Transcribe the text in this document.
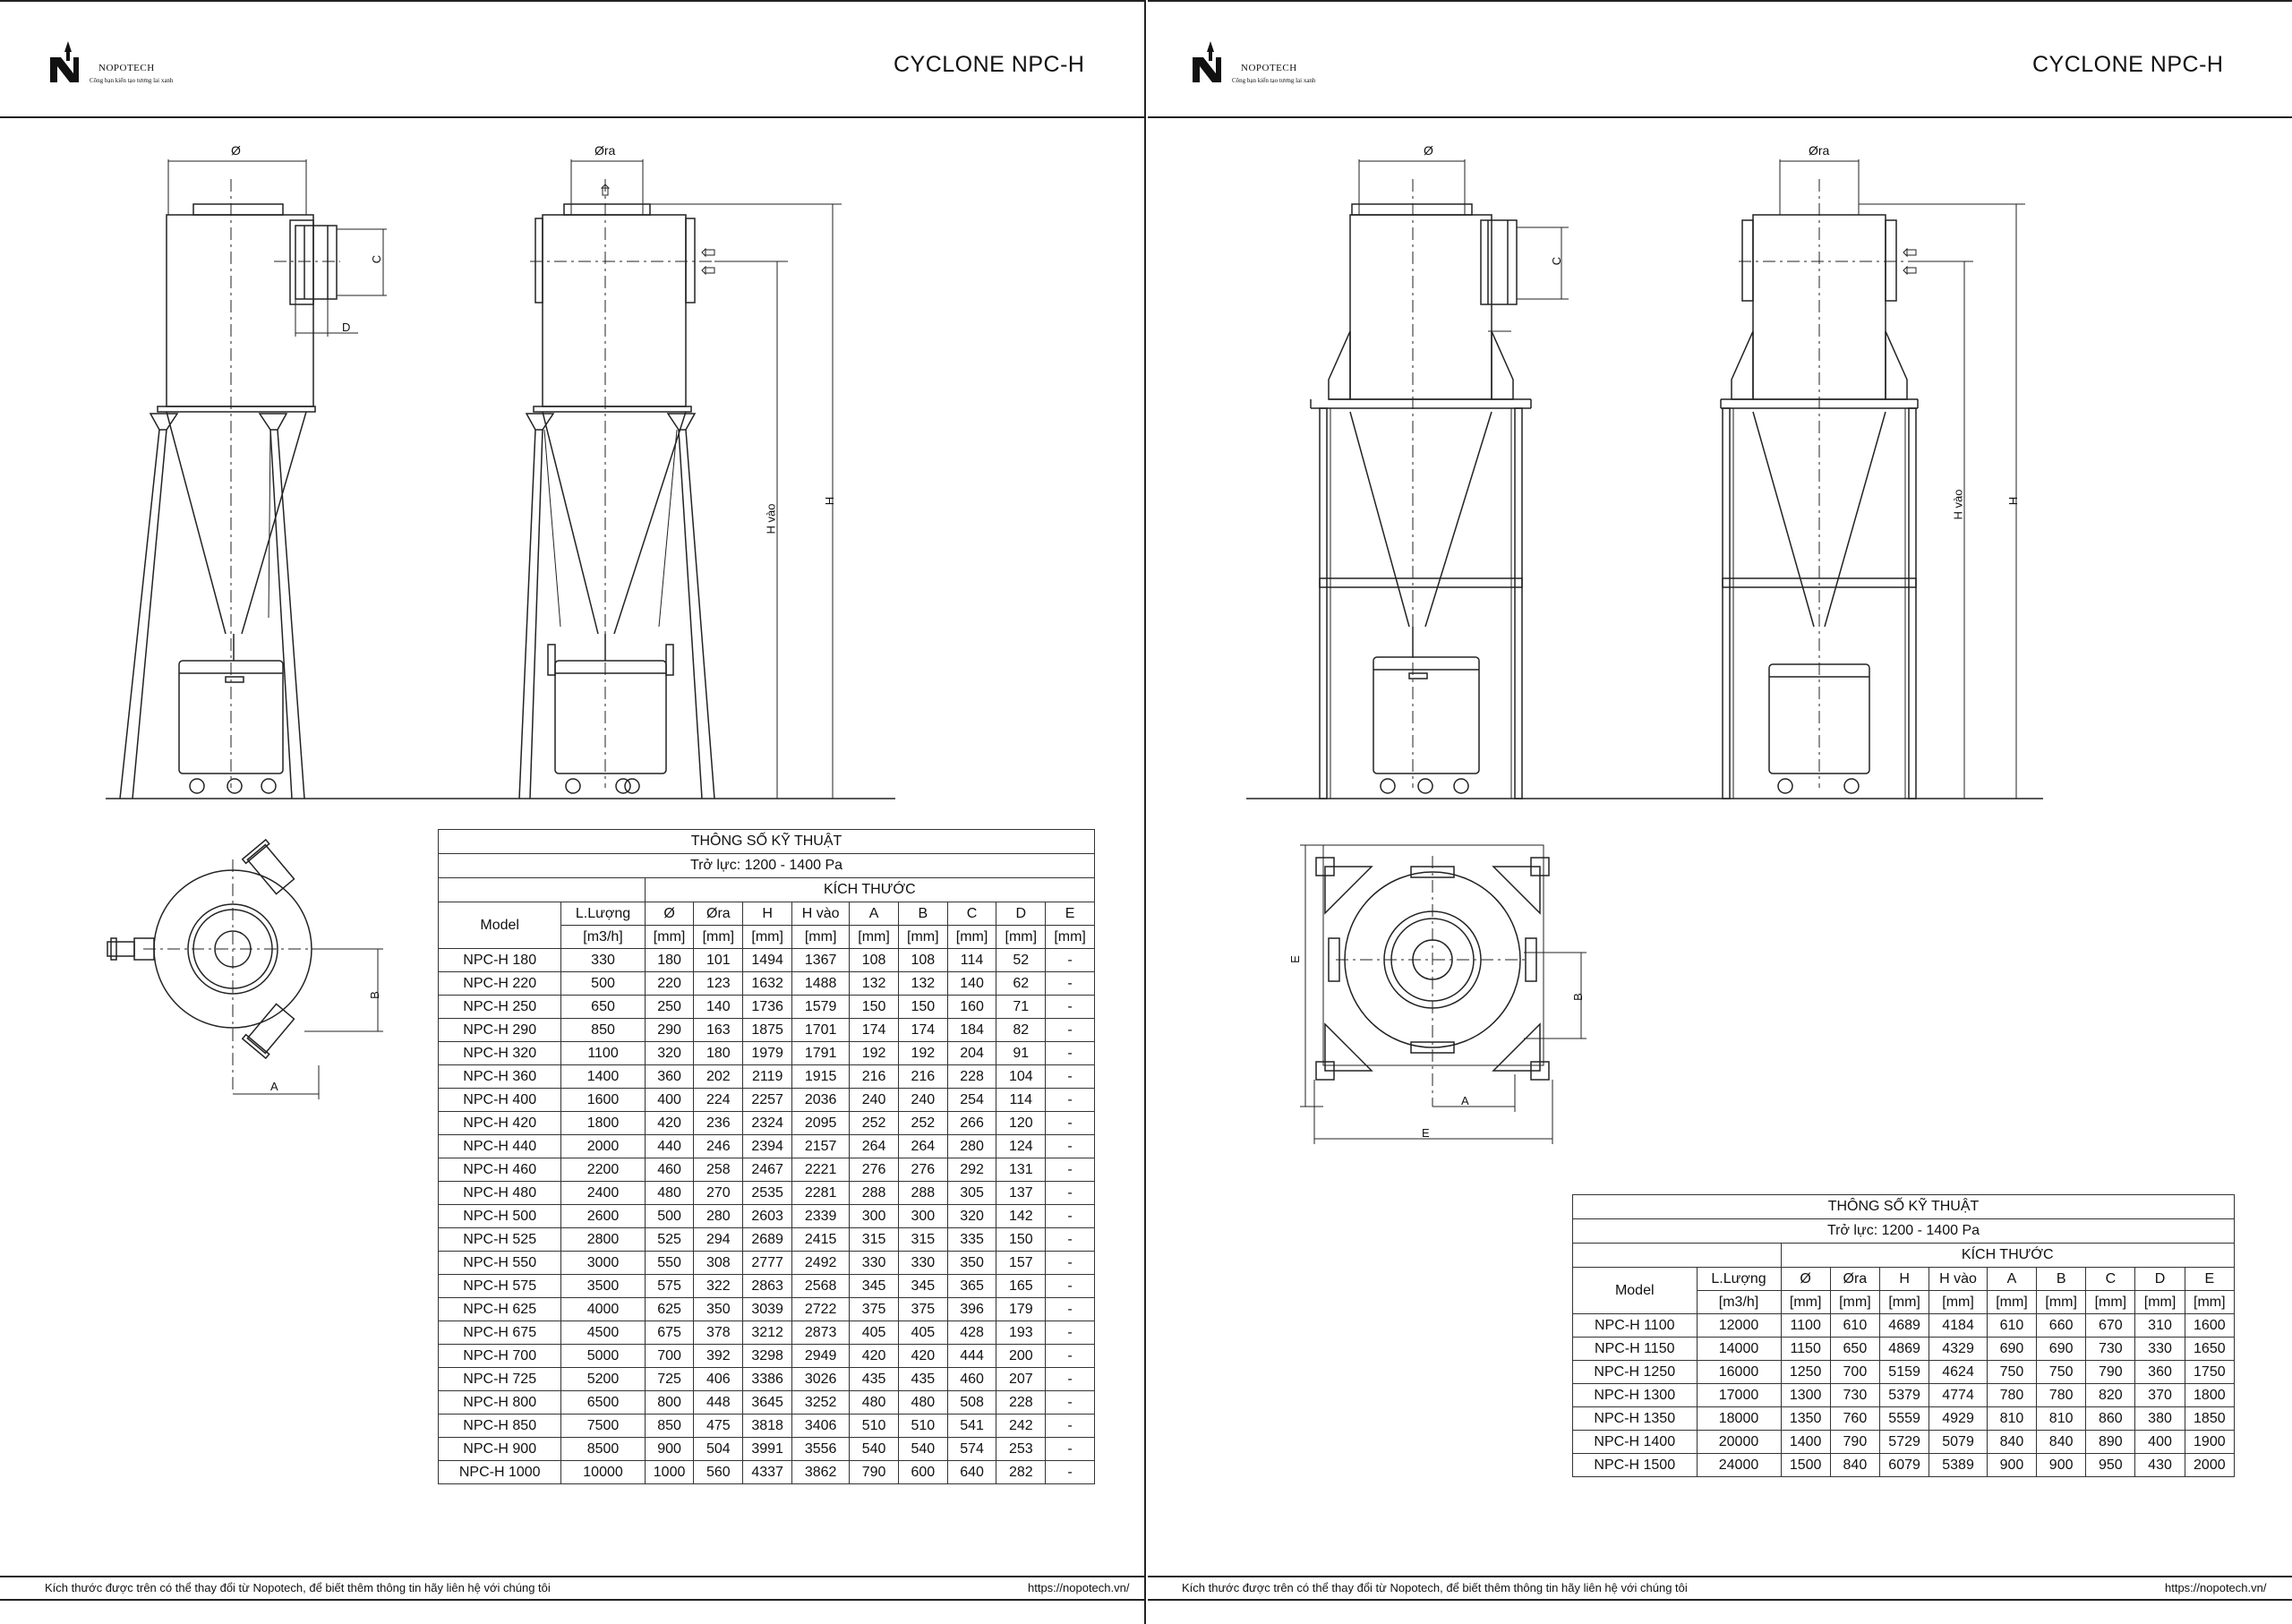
NOPOTECH
Công bạn kiến tạo tương lai xanh
CYCLONE NPC-H
Ø	Øra
C
D
H vào
H
B
A
THÔNG SỐ KỸ THUẬT										
Trở lực: 1200 - 1400 Pa										
		KÍCH THƯỚC								
Model	L.Lượng	Ø	Øra	H	H vào	A	B	C	D	E
	[m3/h]	[mm]	[mm]	[mm]	[mm]	[mm]	[mm]	[mm]	[mm]	[mm]
NPC-H 180	330	180	101	1494	1367	108	108	114	52	-
NPC-H 220	500	220	123	1632	1488	132	132	140	62	-
NPC-H 250	650	250	140	1736	1579	150	150	160	71	-
NPC-H 290	850	290	163	1875	1701	174	174	184	82	-
NPC-H 320	1100	320	180	1979	1791	192	192	204	91	-
NPC-H 360	1400	360	202	2119	1915	216	216	228	104	-
NPC-H 400	1600	400	224	2257	2036	240	240	254	114	-
NPC-H 420	1800	420	236	2324	2095	252	252	266	120	-
NPC-H 440	2000	440	246	2394	2157	264	264	280	124	-
NPC-H 460	2200	460	258	2467	2221	276	276	292	131	-
NPC-H 480	2400	480	270	2535	2281	288	288	305	137	-
NPC-H 500	2600	500	280	2603	2339	300	300	320	142	-
NPC-H 525	2800	525	294	2689	2415	315	315	335	150	-
NPC-H 550	3000	550	308	2777	2492	330	330	350	157	-
NPC-H 575	3500	575	322	2863	2568	345	345	365	165	-
NPC-H 625	4000	625	350	3039	2722	375	375	396	179	-
NPC-H 675	4500	675	378	3212	2873	405	405	428	193	-
NPC-H 700	5000	700	392	3298	2949	420	420	444	200	-
NPC-H 725	5200	725	406	3386	3026	435	435	460	207	-
NPC-H 800	6500	800	448	3645	3252	480	480	508	228	-
NPC-H 850	7500	850	475	3818	3406	510	510	541	242	-
NPC-H 900	8500	900	504	3991	3556	540	540	574	253	-
NPC-H 1000	10000	1000	560	4337	3862	790	600	640	282	-
Kích thước được trên có thể thay đổi từ Nopotech, để biết thêm thông tin hãy liên hệ với chúng tôi	https://nopotech.vn/
NOPOTECH
Công bạn kiến tạo tương lai xanh
CYCLONE NPC-H
Ø	Øra
C
H vào	H
E
B
A
E
THÔNG SỐ KỸ THUẬT										
Trở lực: 1200 - 1400 Pa										
		KÍCH THƯỚC								
Model	L.Lượng	Ø	Øra	H	H vào	A	B	C	D	E
	[m3/h]	[mm]	[mm]	[mm]	[mm]	[mm]	[mm]	[mm]	[mm]	[mm]
NPC-H 1100	12000	1100	610	4689	4184	610	660	670	310	1600
NPC-H 1150	14000	1150	650	4869	4329	690	690	730	330	1650
NPC-H 1250	16000	1250	700	5159	4624	750	750	790	360	1750
NPC-H 1300	17000	1300	730	5379	4774	780	780	820	370	1800
NPC-H 1350	18000	1350	760	5559	4929	810	810	860	380	1850
NPC-H 1400	20000	1400	790	5729	5079	840	840	890	400	1900
NPC-H 1500	24000	1500	840	6079	5389	900	900	950	430	2000
Kích thước được trên có thể thay đổi từ Nopotech, để biết thêm thông tin hãy liên hệ với chúng tôi	https://nopotech.vn/
